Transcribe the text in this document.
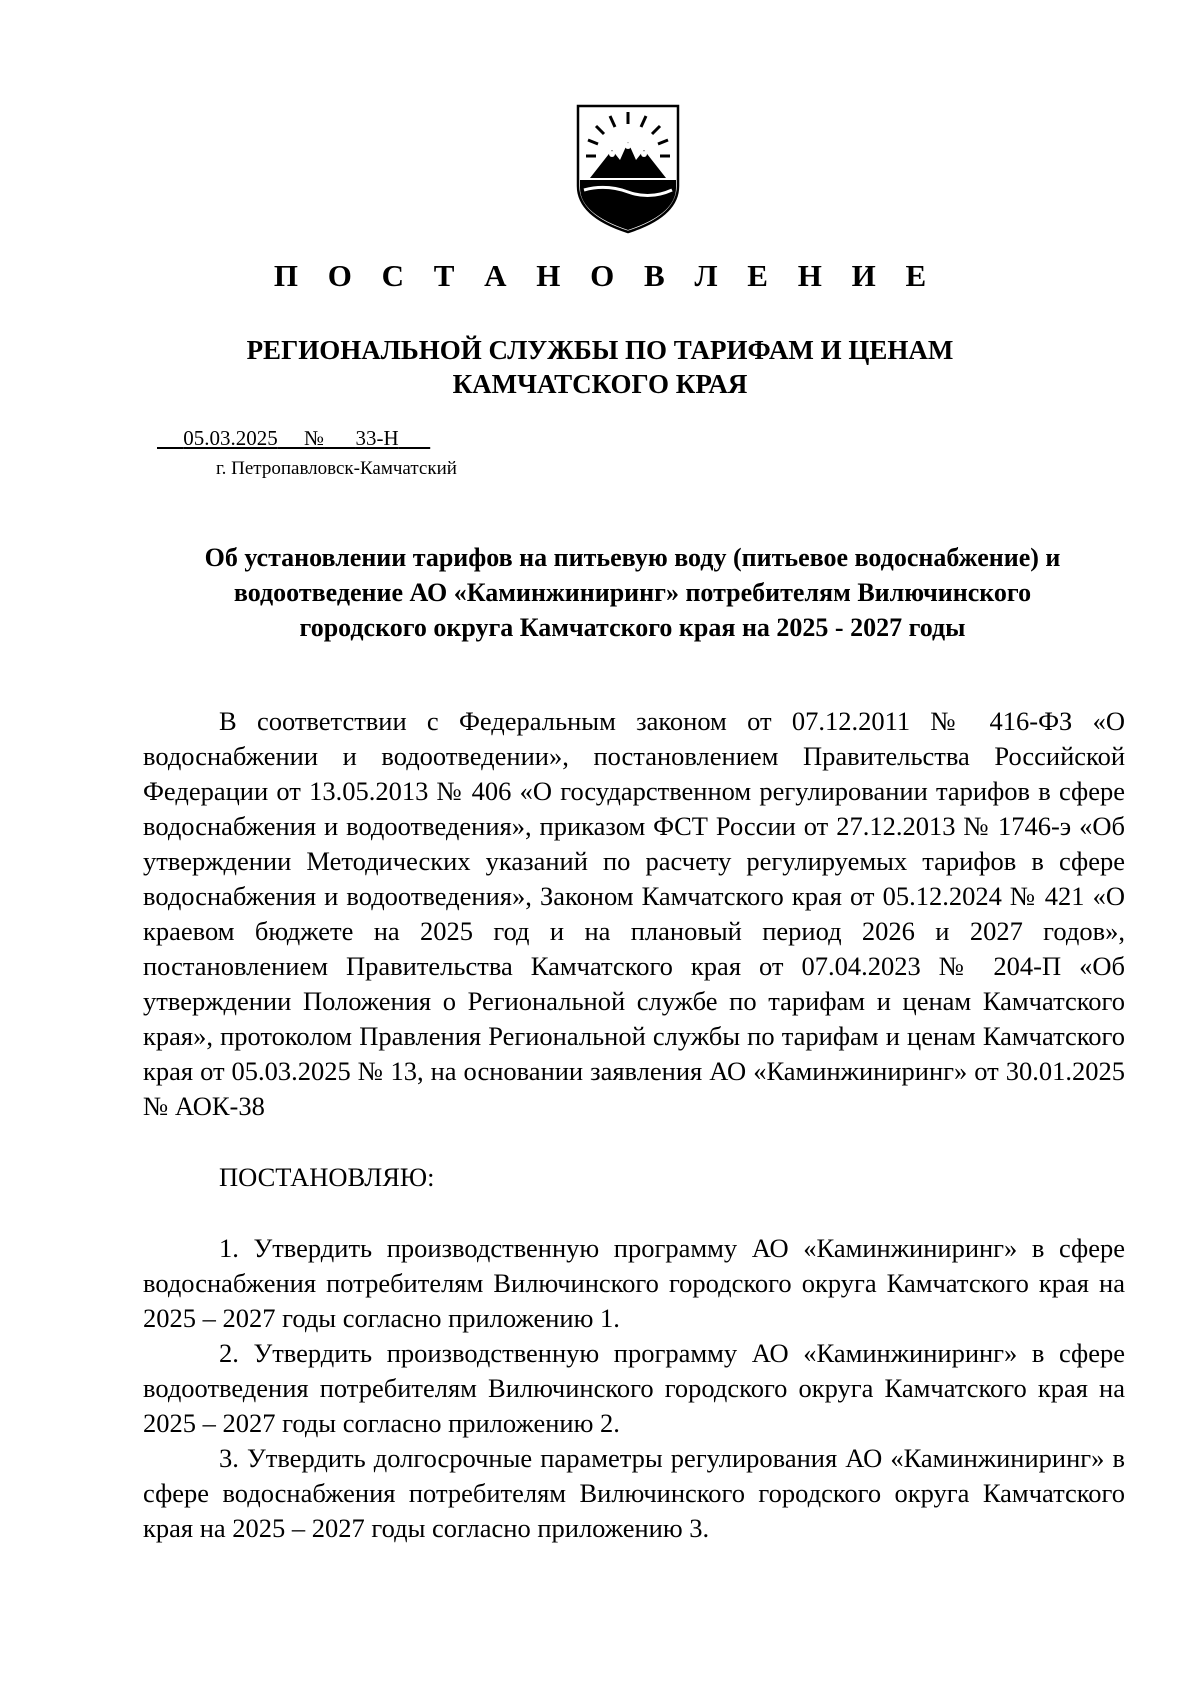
П О С Т А Н О В Л Е Н И Е
РЕГИОНАЛЬНОЙ СЛУЖБЫ ПО ТАРИФАМ И ЦЕНАМ
КАМЧАТСКОГО КРАЯ
05.03.2025 № 33-Н
г. Петропавловск-Камчатский
Об установлении тарифов на питьевую воду (питьевое водоснабжение) и
водоотведение АО «Каминжиниринг» потребителям Вилючинского
городского округа Камчатского края на 2025 - 2027 годы
В соответствии с Федеральным законом от 07.12.2011 № 416-ФЗ «О водоснабжении и водоотведении», постановлением Правительства Российской Федерации от 13.05.2013 № 406 «О государственном регулировании тарифов в сфере водоснабжения и водоотведения», приказом ФСТ России от 27.12.2013 № 1746-э «Об утверждении Методических указаний по расчету регулируемых тарифов в сфере водоснабжения и водоотведения», Законом Камчатского края от 05.12.2024 № 421 «О краевом бюджете на 2025 год и на плановый период 2026 и 2027 годов», постановлением Правительства Камчатского края от 07.04.2023 № 204-П «Об утверждении Положения о Региональной службе по тарифам и ценам Камчатского края», протоколом Правления Региональной службы по тарифам и ценам Камчатского края от 05.03.2025 № 13, на основании заявления АО «Каминжиниринг» от 30.01.2025 № АОК-38
ПОСТАНОВЛЯЮ:

1. Утвердить производственную программу АО «Каминжиниринг» в сфере водоснабжения потребителям Вилючинского городского округа Камчатского края на 2025 – 2027 годы согласно приложению 1.

2. Утвердить производственную программу АО «Каминжиниринг» в сфере водоотведения потребителям Вилючинского городского округа Камчатского края на 2025 – 2027 годы согласно приложению 2.

3. Утвердить долгосрочные параметры регулирования АО «Каминжиниринг» в сфере водоснабжения потребителям Вилючинского городского округа Камчатского края на 2025 – 2027 годы согласно приложению 3.
